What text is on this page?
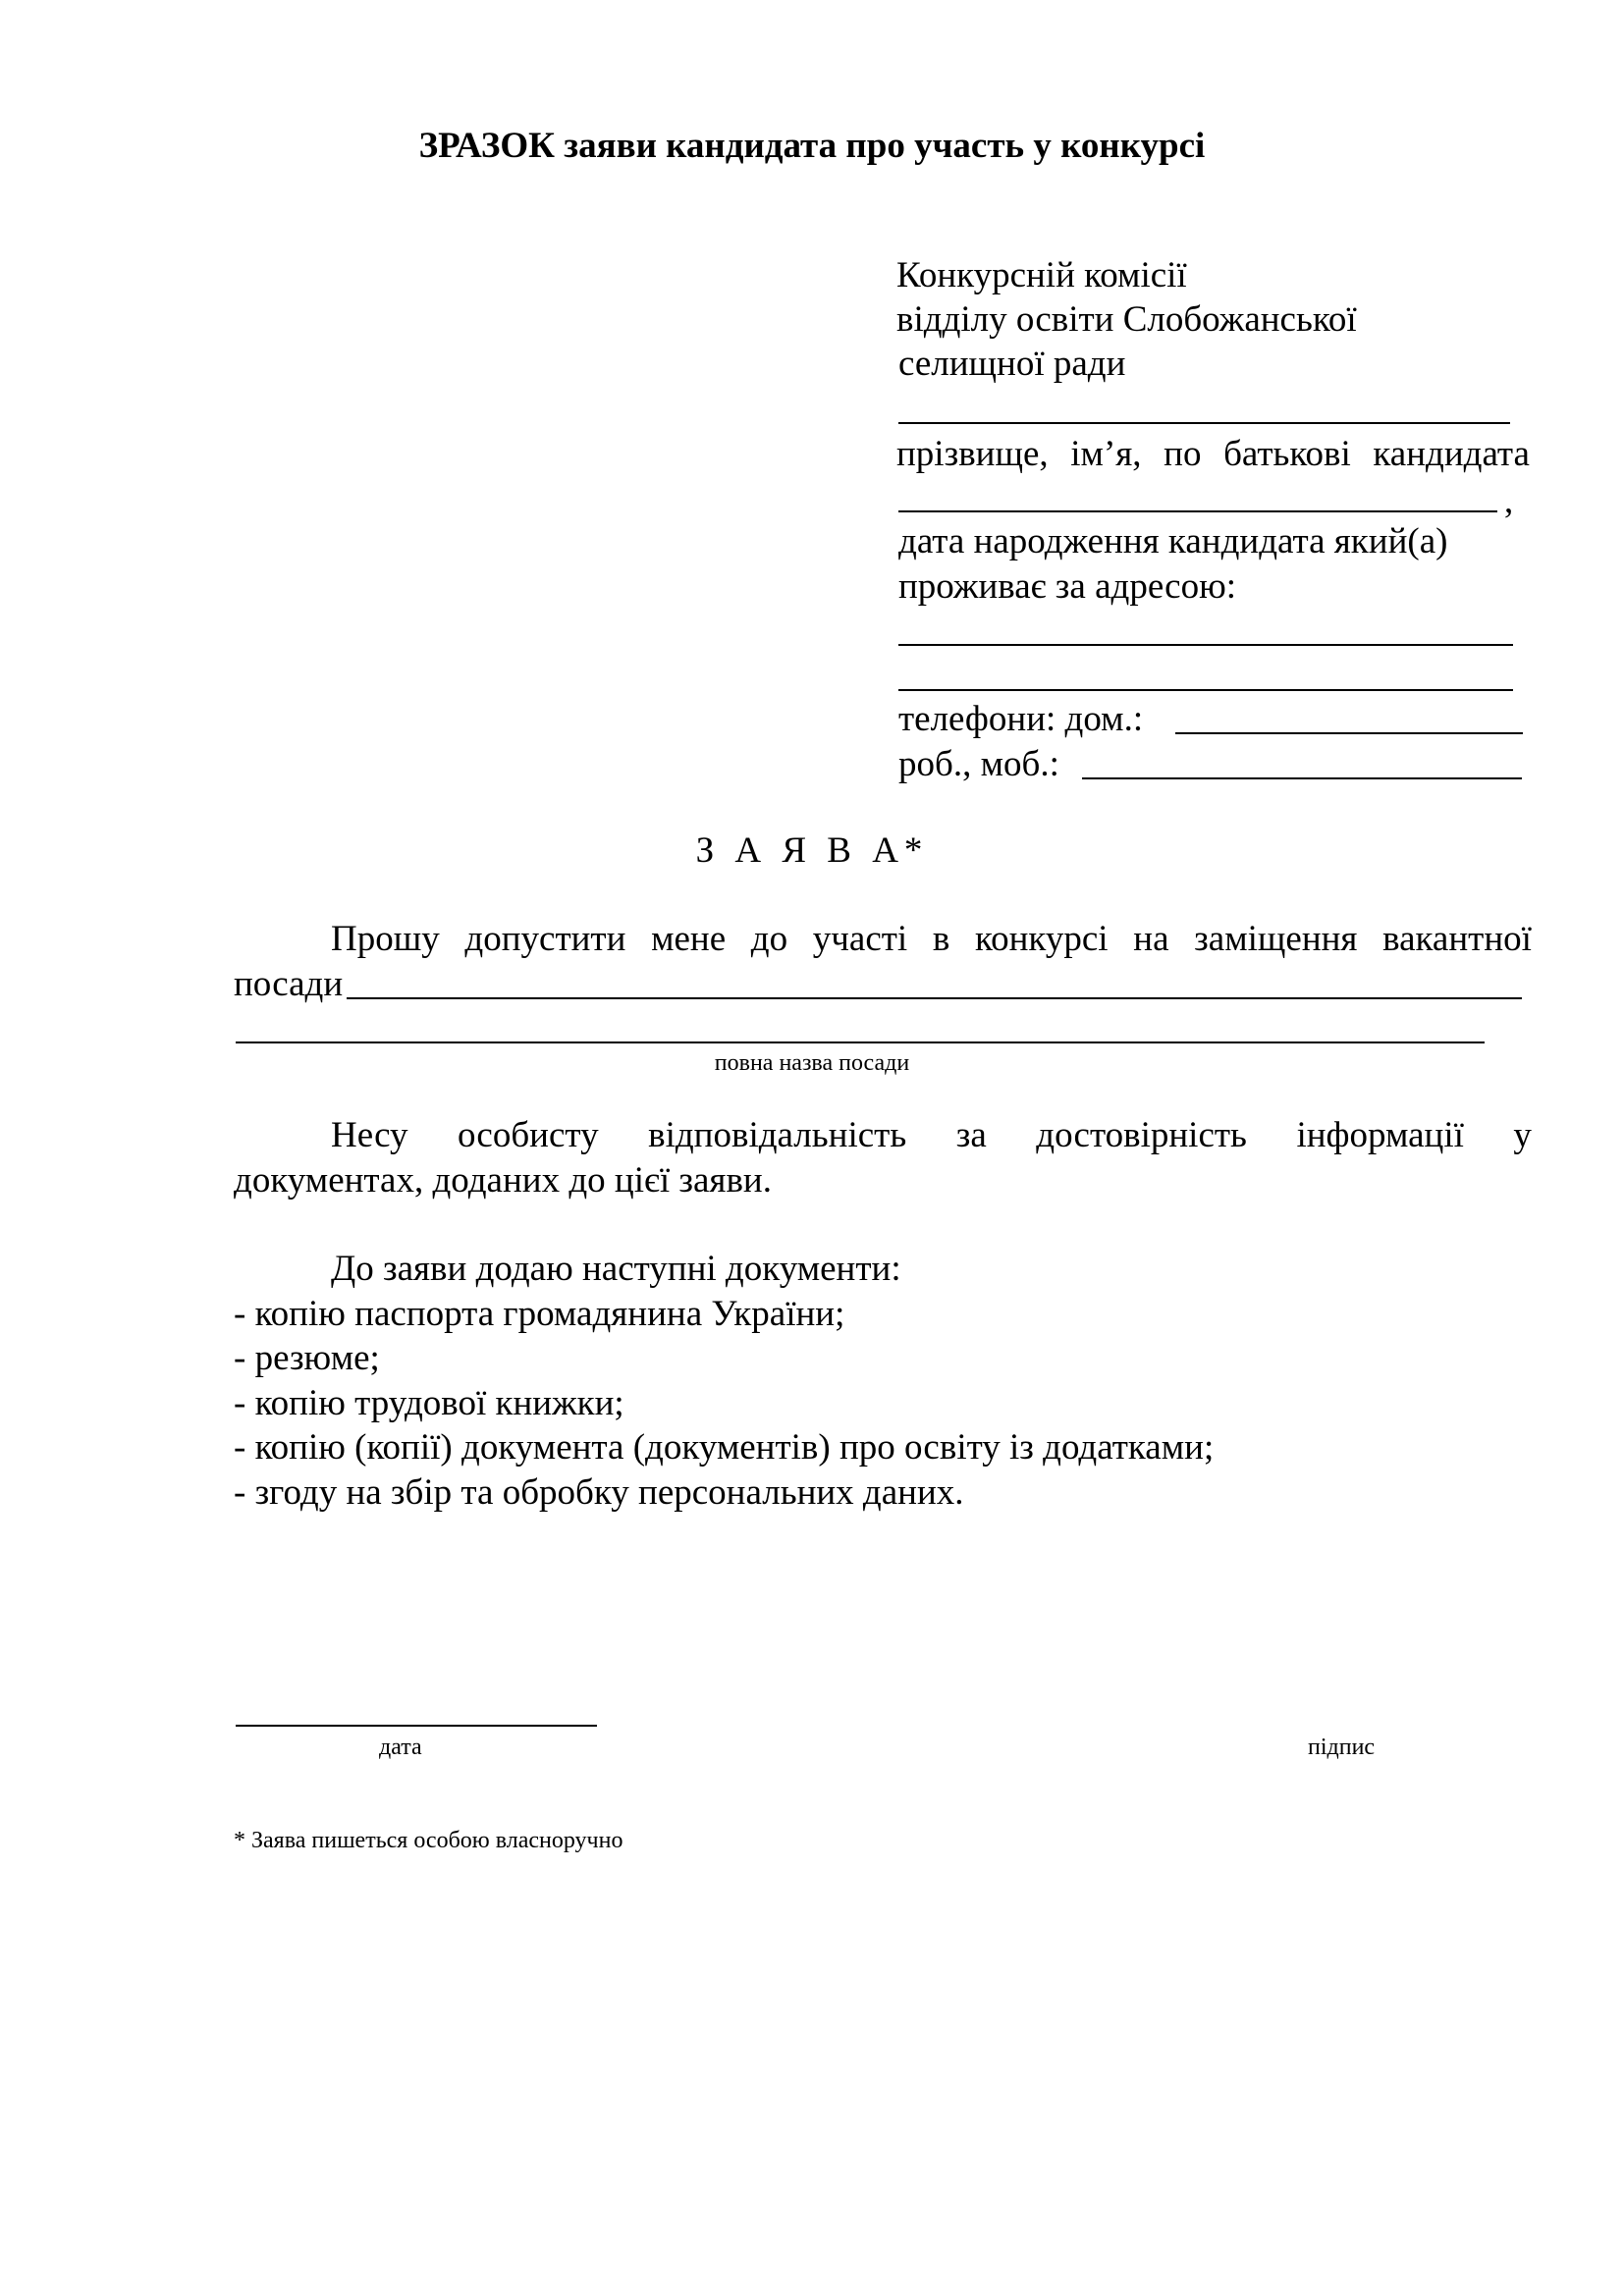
ЗРАЗОК заяви кандидата про участь у конкурсі
Конкурсній комісії
відділу освіти Слобожанської
селищної ради
прізвище, ім’я, по батькові кандидата
,
дата народження кандидата який(а)
проживає за адресою:
телефони: дом.:
роб., моб.:
З А Я В А*
Прошу допустити мене до участі в конкурсі на заміщення вакантної
посади
повна назва посади
Несу особисту відповідальність за достовірність інформації у
документах, доданих до цієї заяви.
До заяви додаю наступні документи:
- копію паспорта громадянина України;
- резюме;
- копію трудової книжки;
- копію (копії) документа (документів) про освіту із додатками;
- згоду на збір та обробку персональних даних.
дата	підпис
* Заява пишеться особою власноручно
